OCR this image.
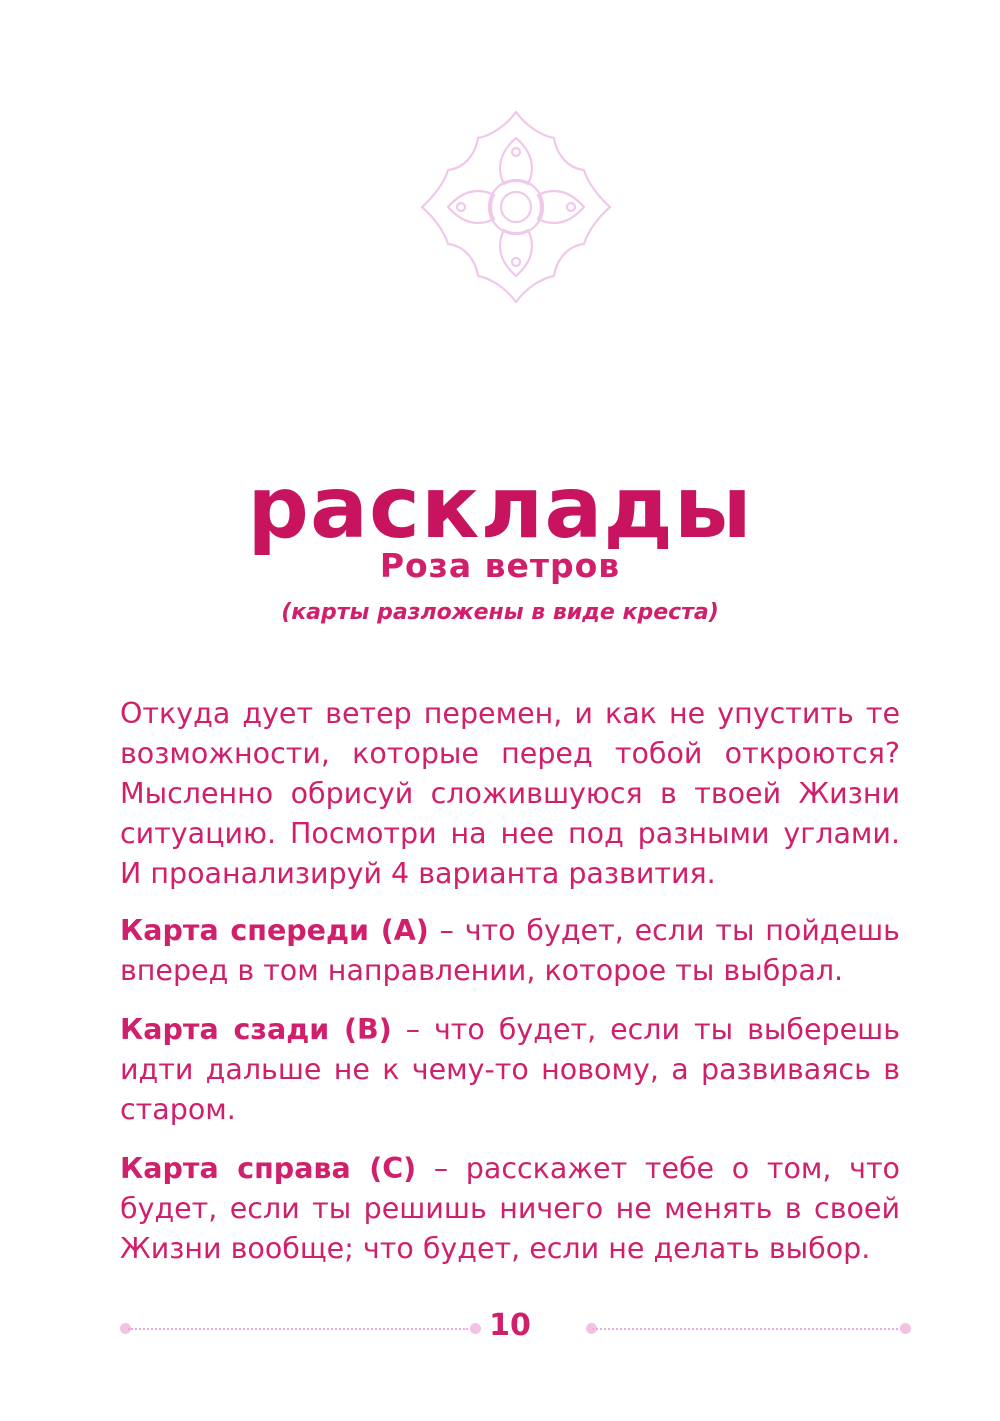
расклады
Роза ветров
(карты разложены в виде креста)

Откуда дует ветер перемен, и как не упустить те возможности, которые перед тобой откроются? Мысленно обрисуй сложившуюся в твоей Жизни ситуацию. Посмотри на нее под разными углами. И проанализируй 4 варианта развития.

Карта спереди (А) – что будет, если ты пойдешь вперед в том направлении, которое ты выбрал.

Карта сзади (В) – что будет, если ты выберешь идти дальше не к чему-то новому, а развиваясь в старом.

Карта справа (С) – расскажет тебе о том, что будет, если ты решишь ничего не менять в своей Жизни вообще; что будет, если не делать выбор.

10
